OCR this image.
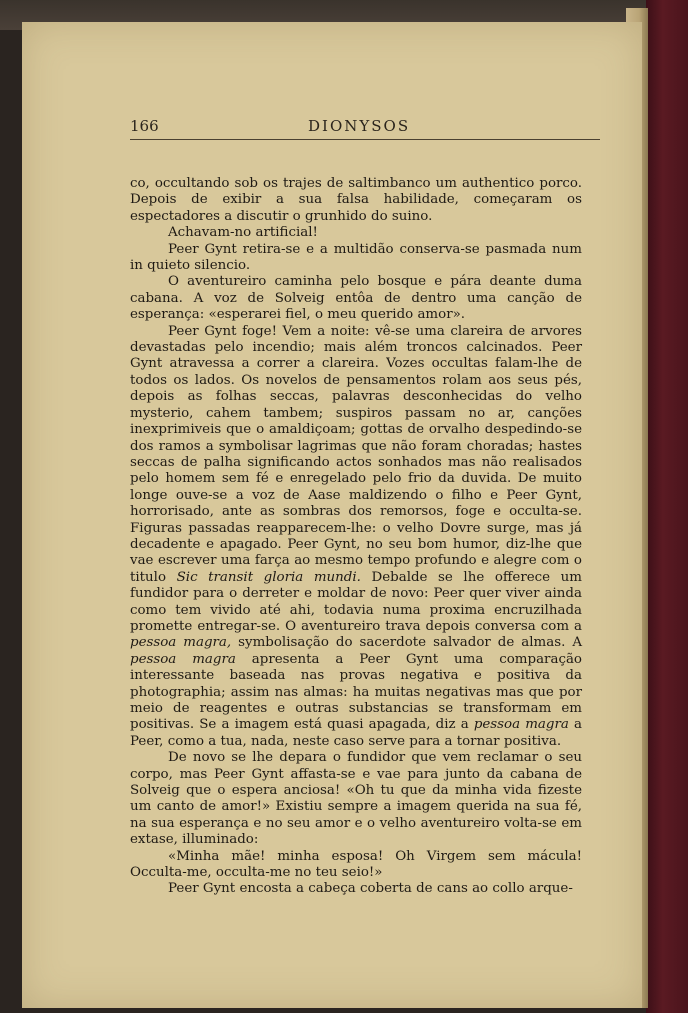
166	DIONYSOS

co, occultando sob os trajes de saltimbanco um authentico porco. Depois de exibir a sua falsa habilidade, começaram os espectadores a discutir o grunhido do suino.

Achavam-no artificial!

Peer Gynt retira-se e a multidão conserva-se pasmada num in quieto silencio.

O aventureiro caminha pelo bosque e pára deante duma cabana. A voz de Solveig entôa de dentro uma canção de esperança: «esperarei fiel, o meu querido amor».

Peer Gynt foge! Vem a noite: vê-se uma clareira de arvores devastadas pelo incendio; mais além troncos calcinados. Peer Gynt atravessa a correr a clareira. Vozes occultas falam-lhe de todos os lados. Os novelos de pensamentos rolam aos seus pés, depois as folhas seccas, palavras desconhecidas do velho mysterio, cahem tambem; suspiros passam no ar, canções inexprimiveis que o amaldiçoam; gottas de orvalho despedindo-se dos ramos a symbolisar lagrimas que não foram choradas; hastes seccas de palha significando actos sonhados mas não realisados pelo homem sem fé e enregelado pelo frio da duvida. De muito longe ouve-se a voz de Aase maldizendo o filho e Peer Gynt, horrorisado, ante as sombras dos remorsos, foge e occulta-se. Figuras passadas reapparecem-lhe: o velho Dovre surge, mas já decadente e apagado. Peer Gynt, no seu bom humor, diz-lhe que vae escrever uma farça ao mesmo tempo profundo e alegre com o titulo Sic transit gloria mundi. Debalde se lhe offerece um fundidor para o derreter e moldar de novo: Peer quer viver ainda como tem vivido até ahi, todavia numa proxima encruzilhada promette entregar-se. O aventureiro trava depois conversa com a pessoa magra, symbolisação do sacerdote salvador de almas. A pessoa magra apresenta a Peer Gynt uma comparação interessante baseada nas provas negativa e positiva da photographia; assim nas almas: ha muitas negativas mas que por meio de reagentes e outras substancias se transformam em positivas. Se a imagem está quasi apagada, diz a pessoa magra a Peer, como a tua, nada, neste caso serve para a tornar positiva.

De novo se lhe depara o fundidor que vem reclamar o seu corpo, mas Peer Gynt affasta-se e vae para junto da cabana de Solveig que o espera anciosa! «Oh tu que da minha vida fizeste um canto de amor!» Existiu sempre a imagem querida na sua fé, na sua esperança e no seu amor e o velho aventureiro volta-se em extase, illuminado:

«Minha mãe! minha esposa! Oh Virgem sem mácula! Occulta-me, occulta-me no teu seio!»

Peer Gynt encosta a cabeça coberta de cans ao collo arque-
